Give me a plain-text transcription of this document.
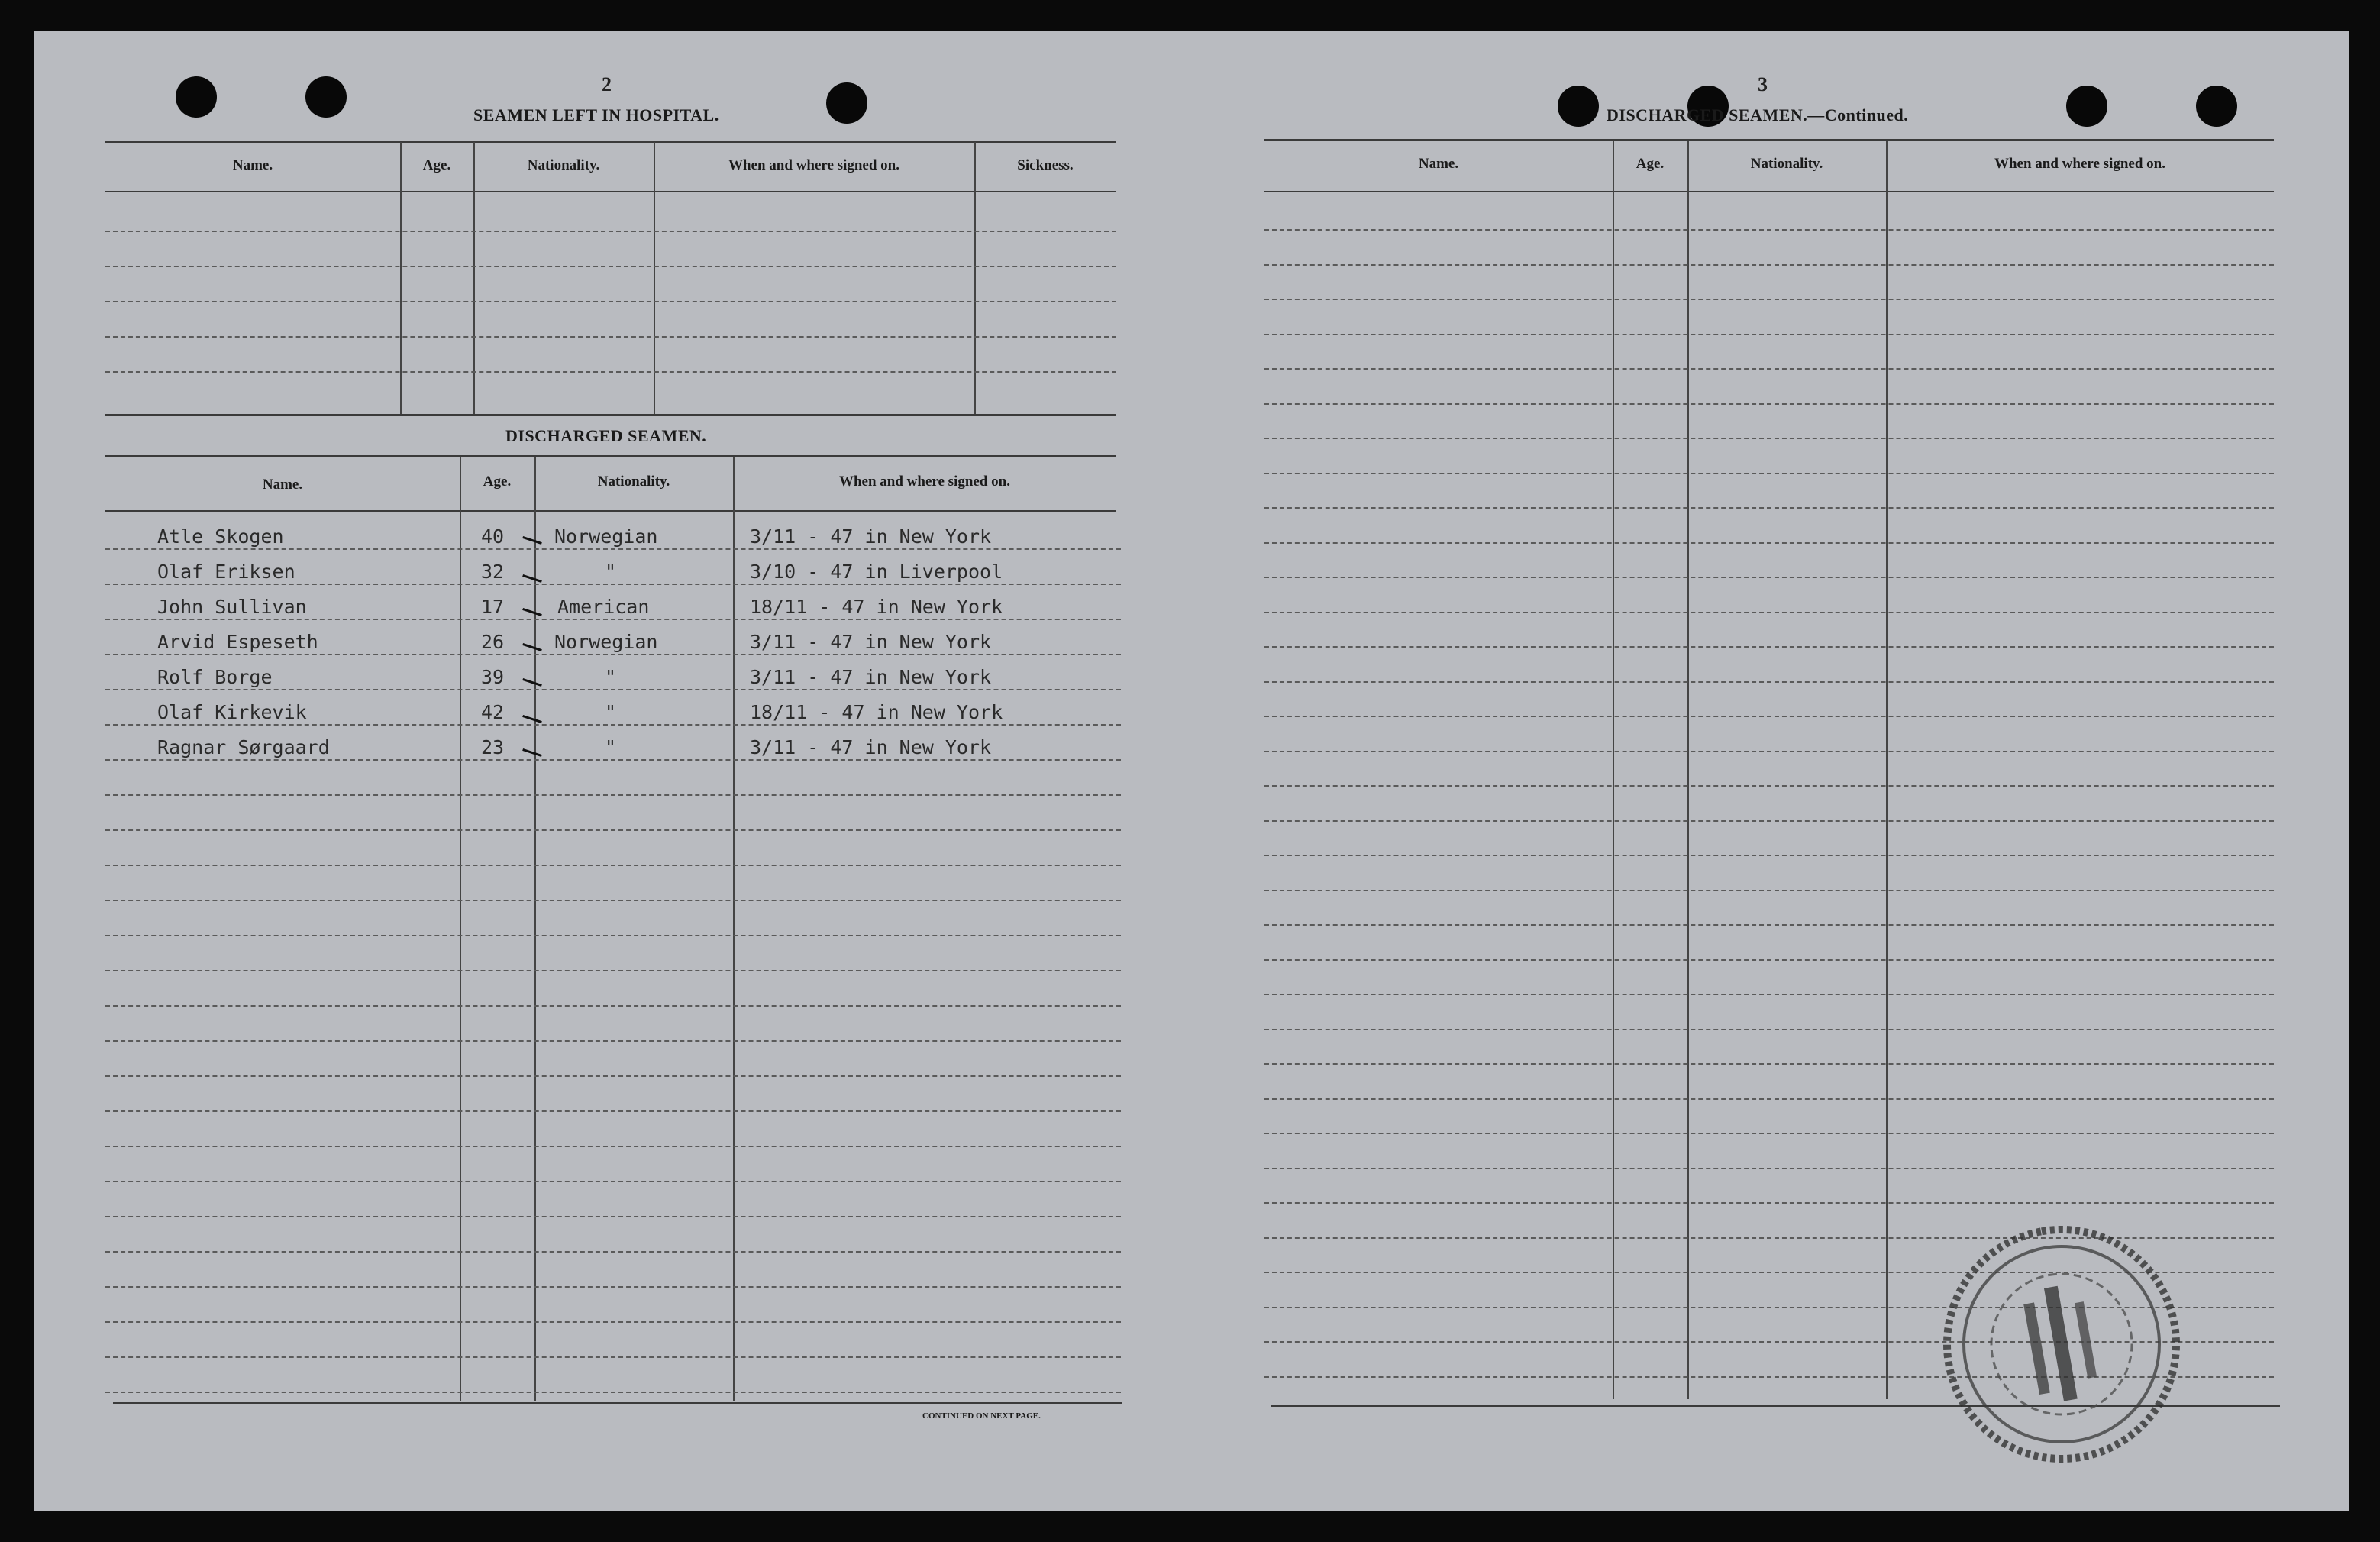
2
SEAMEN LEFT IN HOSPITAL.
Name.	Age.	Nationality.	When and where signed on.	Sickness.
DISCHARGED SEAMEN.
Name.	Age.	Nationality.	When and where signed on.
Atle Skogen	40	Norwegian	3/11 - 47 in New York
Olaf Eriksen	32	"	3/10 - 47 in Liverpool
John Sullivan	17	American	18/11 - 47 in New York
Arvid Espeseth	26	Norwegian	3/11 - 47 in New York
Rolf Borge	39	"	3/11 - 47 in New York
Olaf Kirkevik	42	"	18/11 - 47 in New York
Ragnar Sørgaard	23	"	3/11 - 47 in New York
CONTINUED ON NEXT PAGE.
3
DISCHARGED SEAMEN.—Continued.
Name.	Age.	Nationality.	When and where signed on.
